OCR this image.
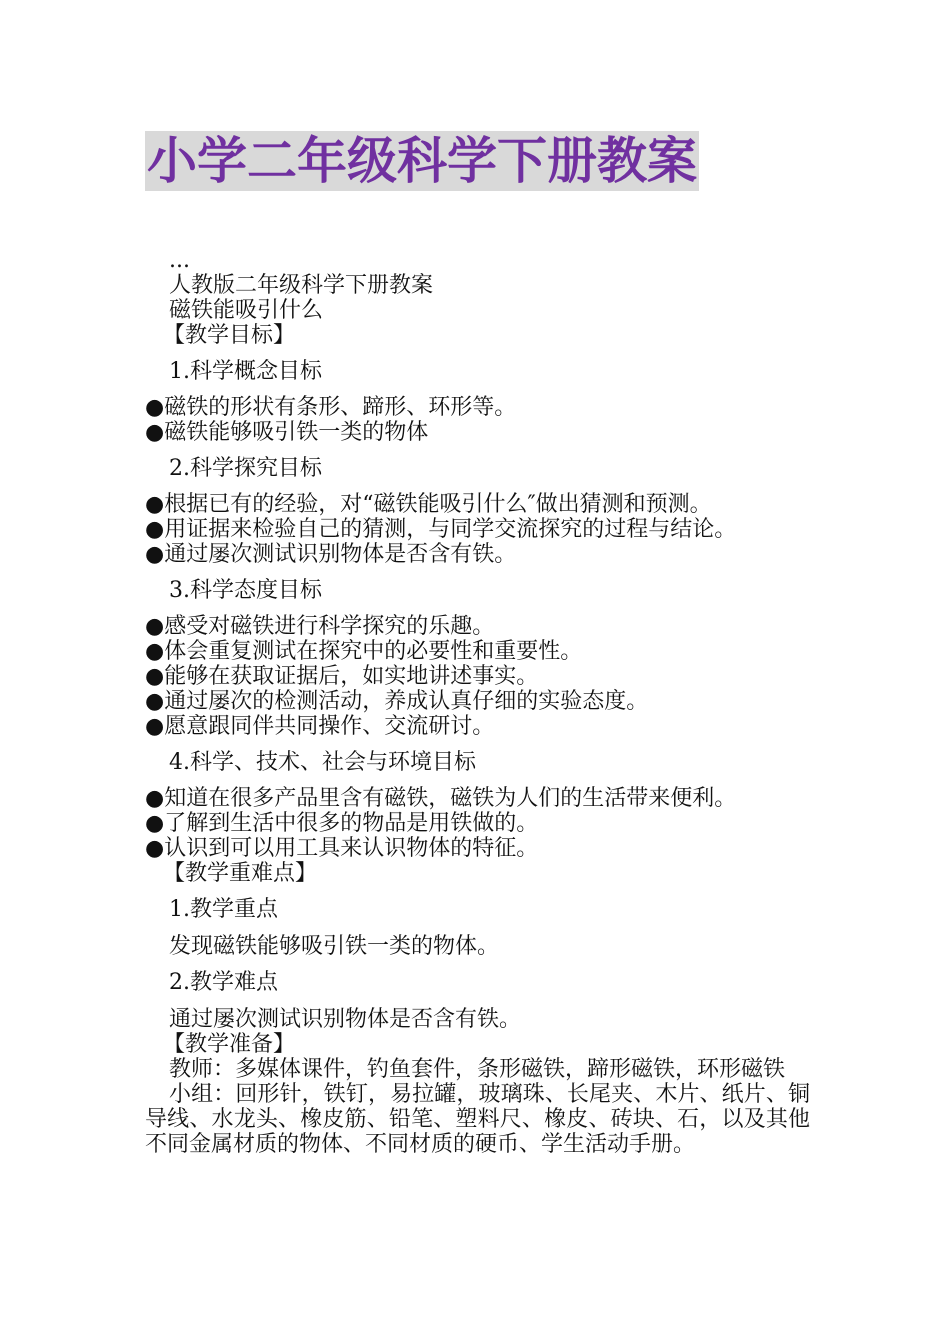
小学二年级科学下册教案

...

人教版二年级科学下册教案

磁铁能吸引什么

【教学目标】

1.科学概念目标

●磁铁的形状有条形、蹄形、环形等。

●磁铁能够吸引铁一类的物体

2.科学探究目标

●根据已有的经验，对“磁铁能吸引什么″做出猜测和预测。

●用证据来检验自己的猜测，与同学交流探究的过程与结论。

●通过屡次测试识别物体是否含有铁。

3.科学态度目标

●感受对磁铁进行科学探究的乐趣。

●体会重复测试在探究中的必要性和重要性。

●能够在获取证据后，如实地讲述事实。

●通过屡次的检测活动，养成认真仔细的实验态度。

●愿意跟同伴共同操作、交流研讨。

4.科学、技术、社会与环境目标

●知道在很多产品里含有磁铁，磁铁为人们的生活带来便利。

●了解到生活中很多的物品是用铁做的。

●认识到可以用工具来认识物体的特征。

【教学重难点】

1.教学重点

发现磁铁能够吸引铁一类的物体。

2.教学难点

通过屡次测试识别物体是否含有铁。

【教学准备】

教师：多媒体课件，钓鱼套件，条形磁铁，蹄形磁铁，环形磁铁

小组：回形针，铁钉，易拉罐，玻璃珠、长尾夹、木片、纸片、铜导线、水龙头、橡皮筋、铅笔、塑料尺、橡皮、砖块、石，以及其他不同金属材质的物体、不同材质的硬币、学生活动手册。
